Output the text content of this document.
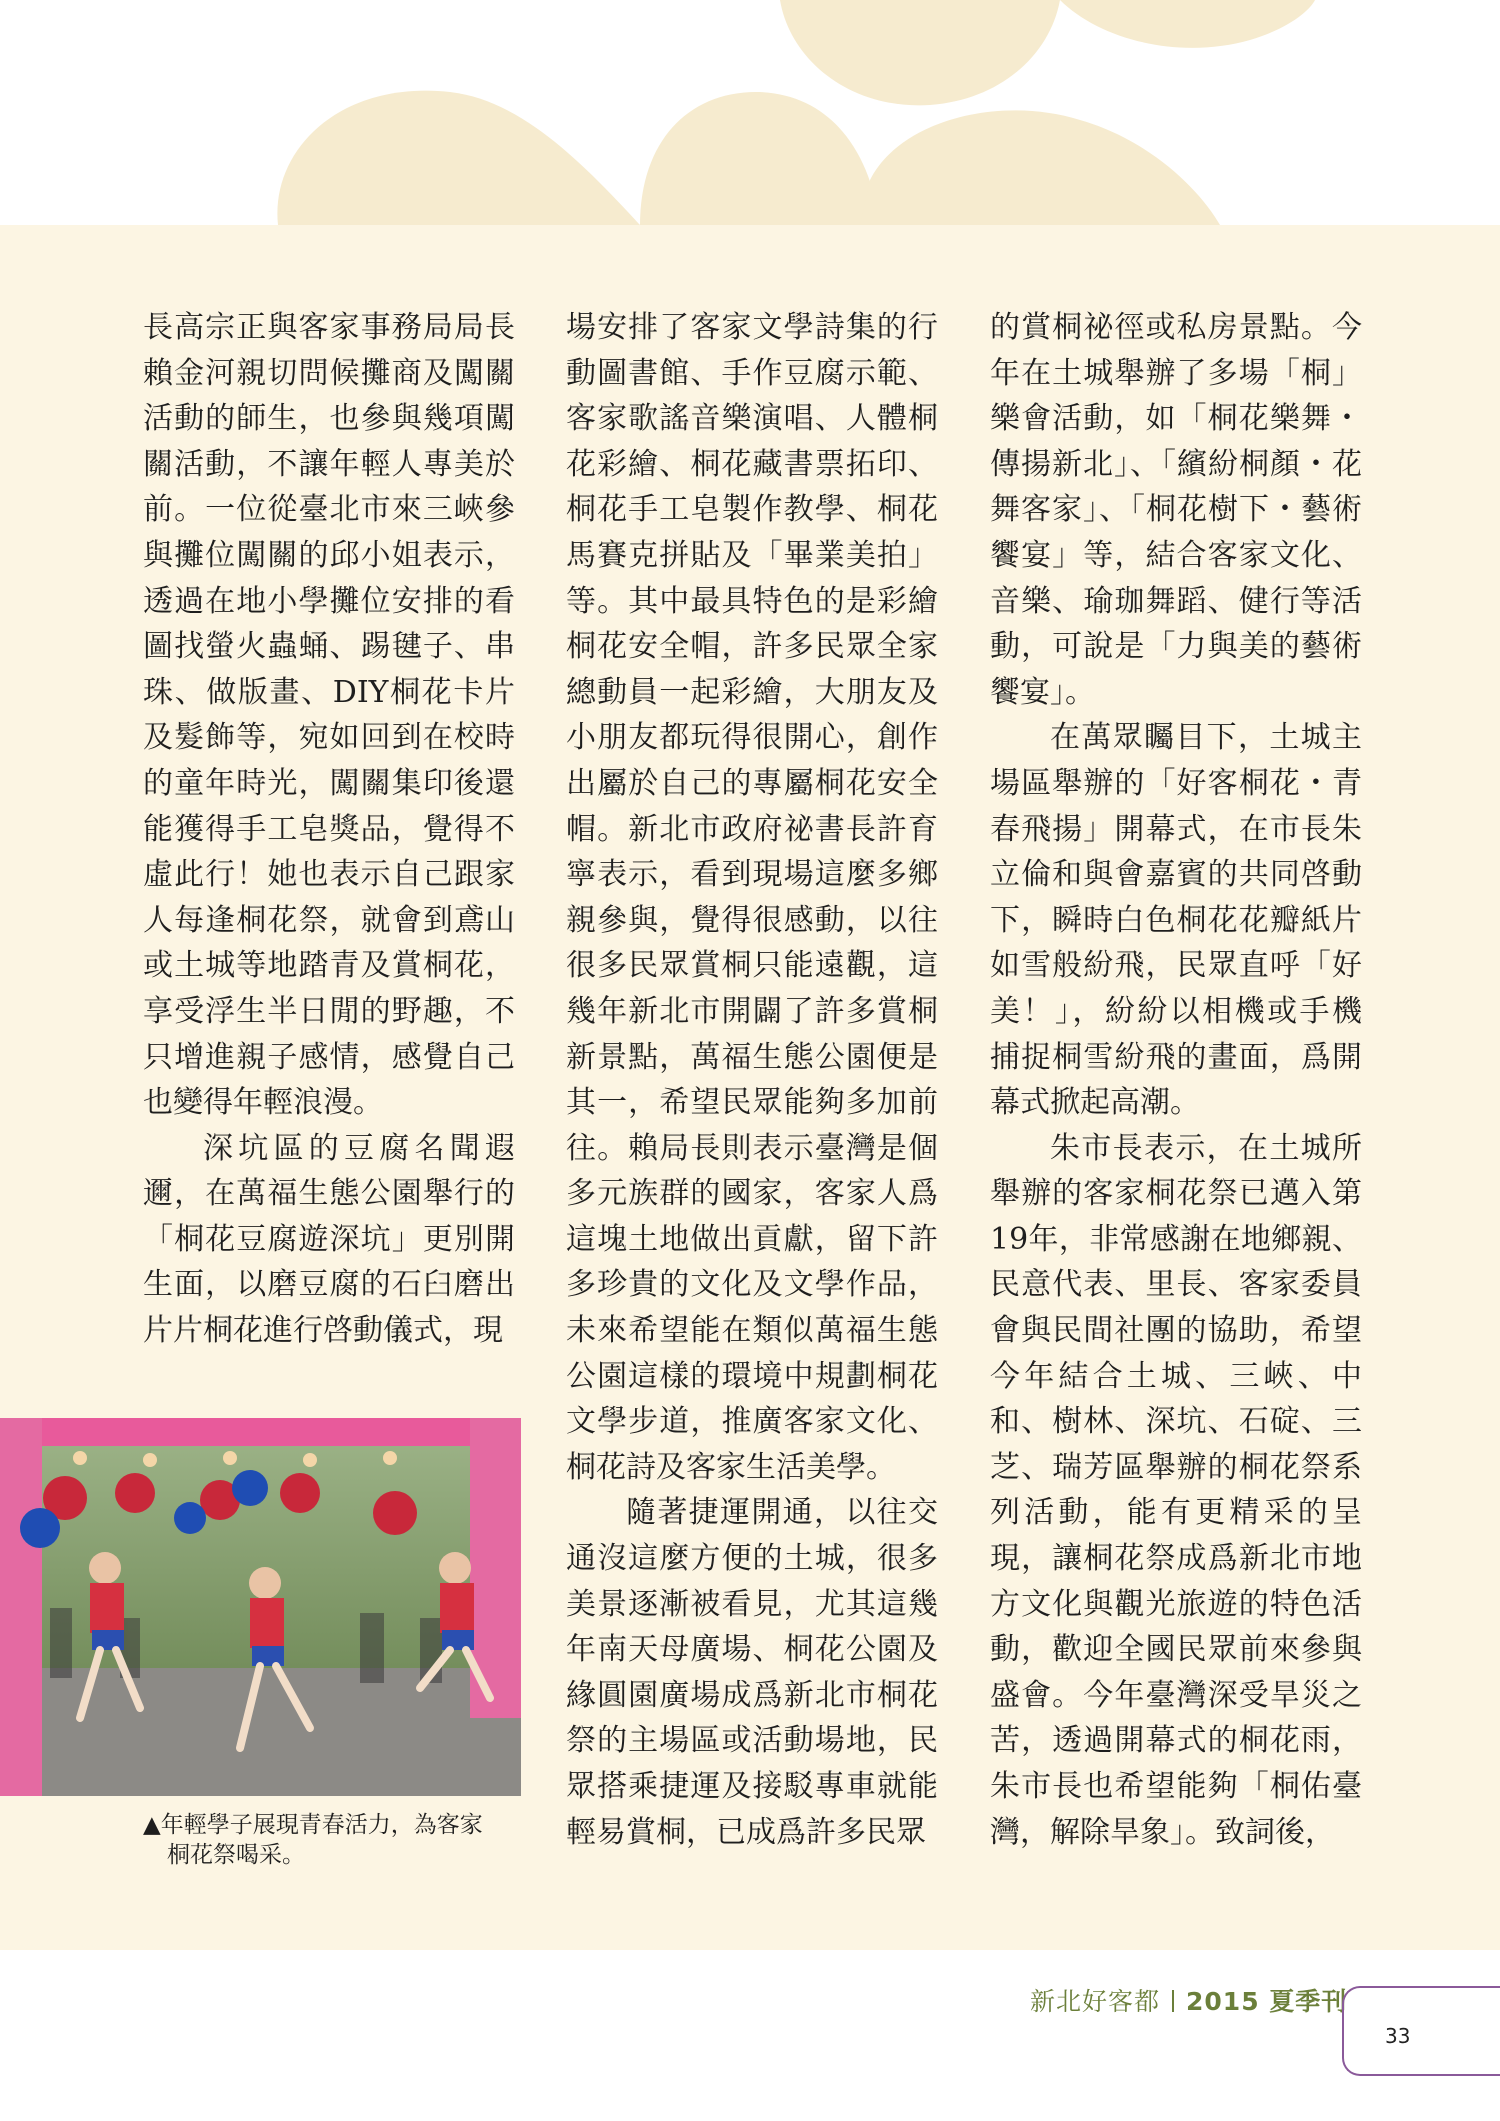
長高宗正與客家事務局局長賴金河親切問候攤商及闖關活動的師生，也參與幾項闖關活動，不讓年輕人專美於前。一位從臺北市來三峽參與攤位闖關的邱小姐表示，透過在地小學攤位安排的看圖找螢火蟲蛹、踢毽子、串珠、做版畫、DIY桐花卡片及髮飾等，宛如回到在校時的童年時光，闖關集印後還能獲得手工皂獎品，覺得不虛此行！她也表示自己跟家人每逢桐花祭，就會到鳶山或土城等地踏青及賞桐花，享受浮生半日閒的野趣，不只增進親子感情，感覺自己也變得年輕浪漫。

深坑區的豆腐名聞遐邇，在萬福生態公園舉行的「桐花豆腐遊深坑」更別開生面，以磨豆腐的石臼磨出片片桐花進行啓動儀式，現

場安排了客家文學詩集的行動圖書館、手作豆腐示範、客家歌謠音樂演唱、人體桐花彩繪、桐花藏書票拓印、桐花手工皂製作教學、桐花馬賽克拼貼及「畢業美拍」等。其中最具特色的是彩繪桐花安全帽，許多民眾全家總動員一起彩繪，大朋友及小朋友都玩得很開心，創作出屬於自己的專屬桐花安全帽。新北市政府祕書長許育寧表示，看到現場這麼多鄉親參與，覺得很感動，以往很多民眾賞桐只能遠觀，這幾年新北市開闢了許多賞桐新景點，萬福生態公園便是其一，希望民眾能夠多加前往。賴局長則表示臺灣是個多元族群的國家，客家人爲這塊土地做出貢獻，留下許多珍貴的文化及文學作品，未來希望能在類似萬福生態公園這樣的環境中規劃桐花文學步道，推廣客家文化、桐花詩及客家生活美學。

隨著捷運開通，以往交通沒這麼方便的土城，很多美景逐漸被看見，尤其這幾年南天母廣場、桐花公園及緣圓園廣場成爲新北市桐花祭的主場區或活動場地，民眾搭乘捷運及接駁專車就能輕易賞桐，已成爲許多民眾

的賞桐祕徑或私房景點。今年在土城舉辦了多場「桐」樂會活動，如「桐花樂舞・傳揚新北」、「繽紛桐顏・花舞客家」、「桐花樹下・藝術饗宴」等，結合客家文化、音樂、瑜珈舞蹈、健行等活動，可說是「力與美的藝術饗宴」。

在萬眾矚目下，土城主場區舉辦的「好客桐花・青春飛揚」開幕式，在市長朱立倫和與會嘉賓的共同啓動下，瞬時白色桐花花瓣紙片如雪般紛飛，民眾直呼「好美！」，紛紛以相機或手機捕捉桐雪紛飛的畫面，爲開幕式掀起高潮。

朱市長表示，在土城所舉辦的客家桐花祭已邁入第19年，非常感謝在地鄉親、民意代表、里長、客家委員會與民間社團的協助，希望今年結合土城、三峽、中和、樹林、深坑、石碇、三芝、瑞芳區舉辦的桐花祭系列活動，能有更精采的呈現，讓桐花祭成爲新北市地方文化與觀光旅遊的特色活動，歡迎全國民眾前來參與盛會。今年臺灣深受旱災之苦，透過開幕式的桐花雨，朱市長也希望能夠「桐佑臺灣，解除旱象」。致詞後，

▲年輕學子展現青春活力，為客家
桐花祭喝采。
新北好客都 2015 夏季刊
33
